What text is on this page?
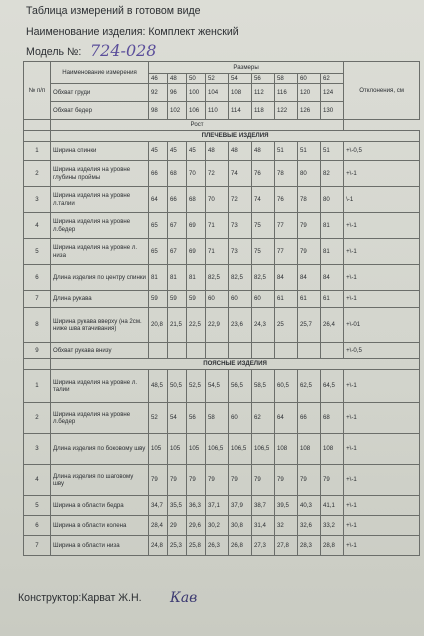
Таблица измерений в готовом виде
Наименование изделия: Комплект женский
Модель №: 724-028
№ п/п	Наименование измерения	Размеры									Отклонения, см
		46	48	50	52	54	56	58	60	62	
	Обхват груди	92	96	100	104	108	112	116	120	124	
	Обхват бедер	98	102	106	110	114	118	122	126	130	
	Рост										
	ПЛЕЧЕВЫЕ ИЗДЕЛИЯ										
1	Ширина спинки	45	45	45	48	48	48	51	51	51	+\-0,5
2	Ширина изделия на уровне глубины проймы	66	68	70	72	74	76	78	80	82	+\-1
3	Ширина изделия на уровне л.талии	64	66	68	70	72	74	76	78	80	\-1
4	Ширина изделия на уровне л.бедер	65	67	69	71	73	75	77	79	81	+\-1
5	Ширина изделия на уровне л. низа	65	67	69	71	73	75	77	79	81	+\-1
6	Длина изделия по центру спинки	81	81	81	82,5	82,5	82,5	84	84	84	+\-1
7	Длина рукава	59	59	59	60	60	60	61	61	61	+\-1
8	Ширина рукава вверху (на 2см. ниже шва втачивания)	20,8	21,5	22,5	22,9	23,6	24,3	25	25,7	26,4	+\-01
9	Обхват рукава внизу										+\-0,5
	ПОЯСНЫЕ ИЗДЕЛИЯ										
1	Ширина изделия на уровне л. талии	48,5	50,5	52,5	54,5	56,5	58,5	60,5	62,5	64,5	+\-1
2	Ширина изделия на уровне л.бедер	52	54	56	58	60	62	64	66	68	+\-1
3	Длина изделия по боковому шву	105	105	105	106,5	106,5	106,5	108	108	108	+\-1
4	Длина изделия по шаговому шву	79	79	79	79	79	79	79	79	79	+\-1
5	Ширина в области бедра	34,7	35,5	36,3	37,1	37,9	38,7	39,5	40,3	41,1	+\-1
6	Ширина в области колена	28,4	29	29,6	30,2	30,8	31,4	32	32,6	33,2	+\-1
7	Ширина в области низа	24,8	25,3	25,8	26,3	26,8	27,3	27,8	28,3	28,8	+\-1
Конструктор:Карват Ж.Н. Кав
